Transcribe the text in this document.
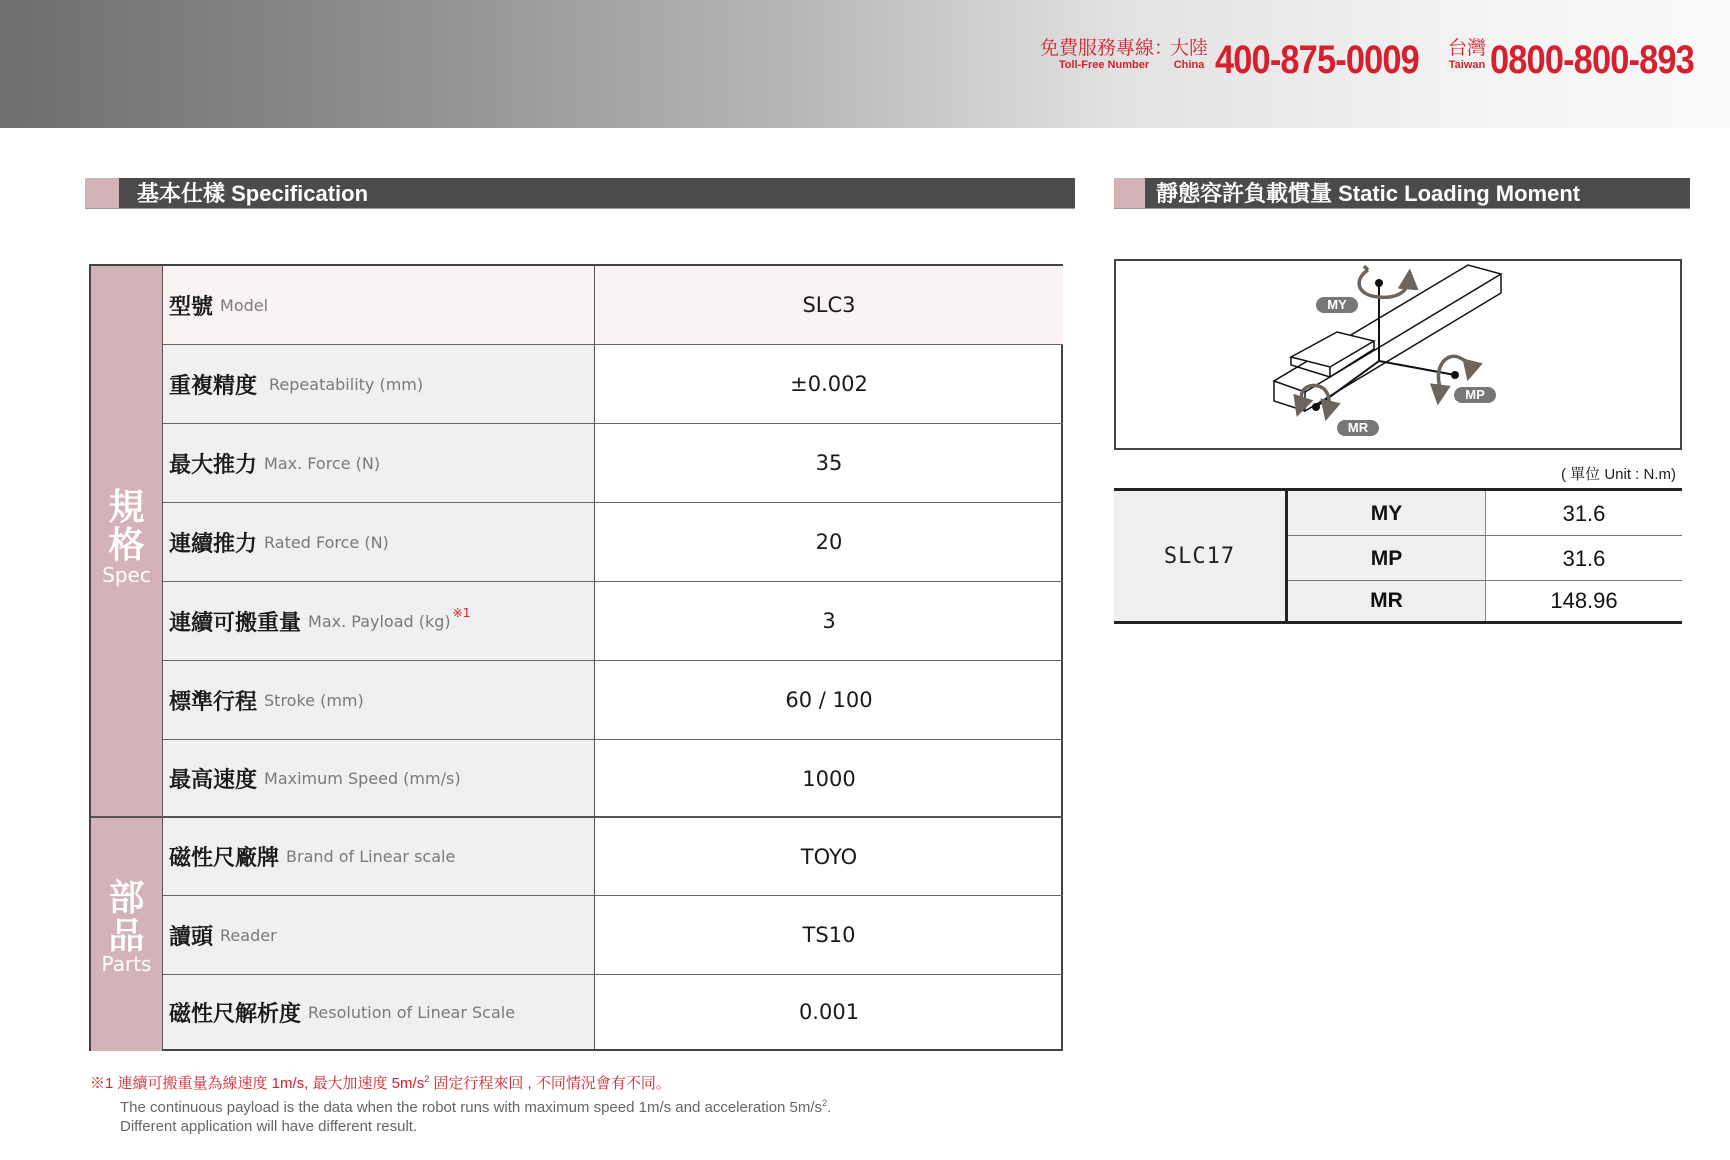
免費服務專線：
Toll-Free Number
大陸
China 400-875-0009 台灣
Taiwan 0800-800-893
基本仕樣 Specification	靜態容許負載慣量 Static Loading Moment
規
格
Spec
部
品
Parts
型號 Model	SLC3
重複精度 Repeatability (mm)	±0.002
最大推力 Max. Force (N)	35
連續推力 Rated Force (N)	20
連續可搬重量 Max. Payload (kg)$^{※1}$	3
標準行程 Stroke (mm)	60 / 100
最高速度 Maximum Speed (mm/s)	1000
磁性尺廠牌 Brand of Linear scale	TOYO
讀頭 Reader	TS10
磁性尺解析度 Resolution of Linear Scale	0.001
※1 連續可搬重量為線速度 1m/s, 最大加速度 $5m/s^2$ 固定行程來回 , 不同情況會有不同。
The continuous payload is the data when the robot runs with maximum speed 1m/s and acceleration $5m/s^2$.
Different application will have different result.
MY
MP
MR
( 單位 Unit : N.m)
SLC17
MY	31.6
MP	31.6
MR	148.96
